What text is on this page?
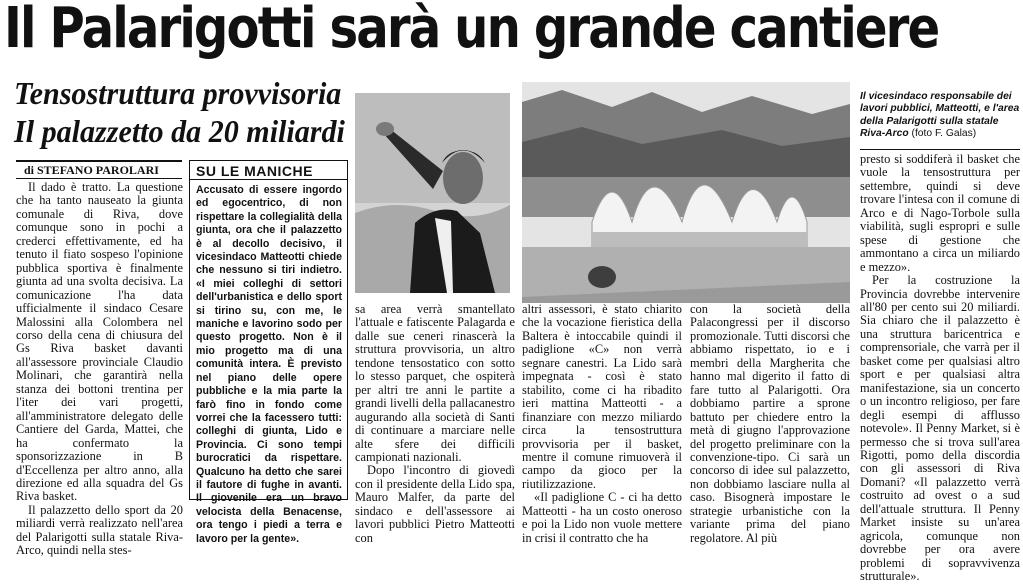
Il Palarigotti sarà un grande cantiere
Tensostruttura provvisoria
Il palazzetto da 20 miliardi
di STEFANO PAROLARI

Il dado è tratto. La questione che ha tanto nauseato la giunta comunale di Riva, dove comunque sono in pochi a crederci effettivamente, ed ha tenuto il fiato sospeso l'opinione pubblica sportiva è finalmente giunta ad una svolta decisiva. La comunicazione l'ha data ufficialmente il sindaco Cesare Malossini alla Colombera nel corso della cena di chiusura del Gs Riva basket davanti all'assessore provinciale Claudio Molinari, che garantirà nella stanza dei bottoni trentina per l'iter dei vari progetti, all'amministratore delegato delle Cantiere del Garda, Mattei, che ha confermato la sponsorizzazione in B d'Eccellenza per altro anno, alla direzione ed alla squadra del Gs Riva basket.

Il palazzetto dello sport da 20 miliardi verrà realizzato nell'area del Palarigotti sulla statale Riva-Arco, quindi nella stes-

SU LE MANICHE
Accusato di essere ingordo ed egocentrico, di non rispettare la collegialità della giunta, ora che il palazzetto è al decollo decisivo, il vicesindaco Matteotti chiede che nessuno si tiri indietro. «I miei colleghi di settori dell'urbanistica e dello sport si tirino su, con me, le maniche e lavorino sodo per questo progetto. Non è il mio progetto ma di una comunità intera. È previsto nel piano delle opere pubbliche e la mia parte la farò fino in fondo come vorrei che la facessero tutti: colleghi di giunta, Lido e Provincia. Ci sono tempi burocratici da rispettare. Qualcuno ha detto che sarei il fautore di fughe in avanti. Il giovenile era un bravo velocista della Benacense, ora tengo i piedi a terra e lavoro per la gente».
Il vicesindaco responsabile dei lavori pubblici, Matteotti, e l'area della Palarigotti sulla statale Riva-Arco (foto F. Galas)

sa area verrà smantellato l'attuale e fatiscente Palagarda e dalle sue ceneri rinascerà la struttura provvisoria, un altro tendone tensostatico con sotto lo stesso parquet, che ospiterà per altri tre anni le partite a grandi livelli della pallacanestro augurando alla società di Santi di continuare a marciare nelle alte sfere dei difficili campionati nazionali.

Dopo l'incontro di giovedì con il presidente della Lido spa, Mauro Malfer, da parte del sindaco e dell'assessore ai lavori pubblici Pietro Matteotti con

altri assessori, è stato chiarito che la vocazione fieristica della Baltera è intoccabile quindi il padiglione «C» non verrà segnare canestri. La Lido sarà impegnata - così è stato stabilito, come ci ha ribadito ieri mattina Matteotti - a finanziare con mezzo miliardo circa la tensostruttura provvisoria per il basket, mentre il comune rimuoverà il campo da gioco per la riutilizzazione.

«Il padiglione C - ci ha detto Matteotti - ha un costo oneroso e poi la Lido non vuole mettere in crisi il contratto che ha

con la società della Palacongressi per il discorso promozionale. Tutti discorsi che abbiamo rispettato, io e i membri della Margherita che hanno mal digerito il fatto di fare tutto al Palarigotti. Ora dobbiamo partire a sprone battuto per chiedere entro la metà di giugno l'approvazione del progetto preliminare con la convenzione-tipo. Ci sarà un concorso di idee sul palazzetto, non dobbiamo lasciare nulla al caso. Bisognerà impostare le strategie urbanistiche con la variante prima del piano regolatore. Al più

presto si soddiferà il basket che vuole la tensostruttura per settembre, quindi si deve trovare l'intesa con il comune di Arco e di Nago-Torbole sulla viabilità, sugli espropri e sulle spese di gestione che ammontano a circa un miliardo e mezzo».

Per la costruzione la Provincia dovrebbe intervenire all'80 per cento sui 20 miliardi. Sia chiaro che il palazzetto è una struttura baricentrica e comprensoriale, che varrà per il basket come per qualsiasi altro sport e per qualsiasi altra manifestazione, sia un concerto o un incontro religioso, per fare degli esempi di afflusso notevole». Il Penny Market, si è permesso che si trova sull'area Rigotti, pomo della discordia con gli assessori di Riva Domani? «Il palazzetto verrà costruito ad ovest o a sud dell'attuale struttura. Il Penny Market insiste su un'area agricola, comunque non dovrebbe per ora avere problemi di sopravvivenza strutturale».
